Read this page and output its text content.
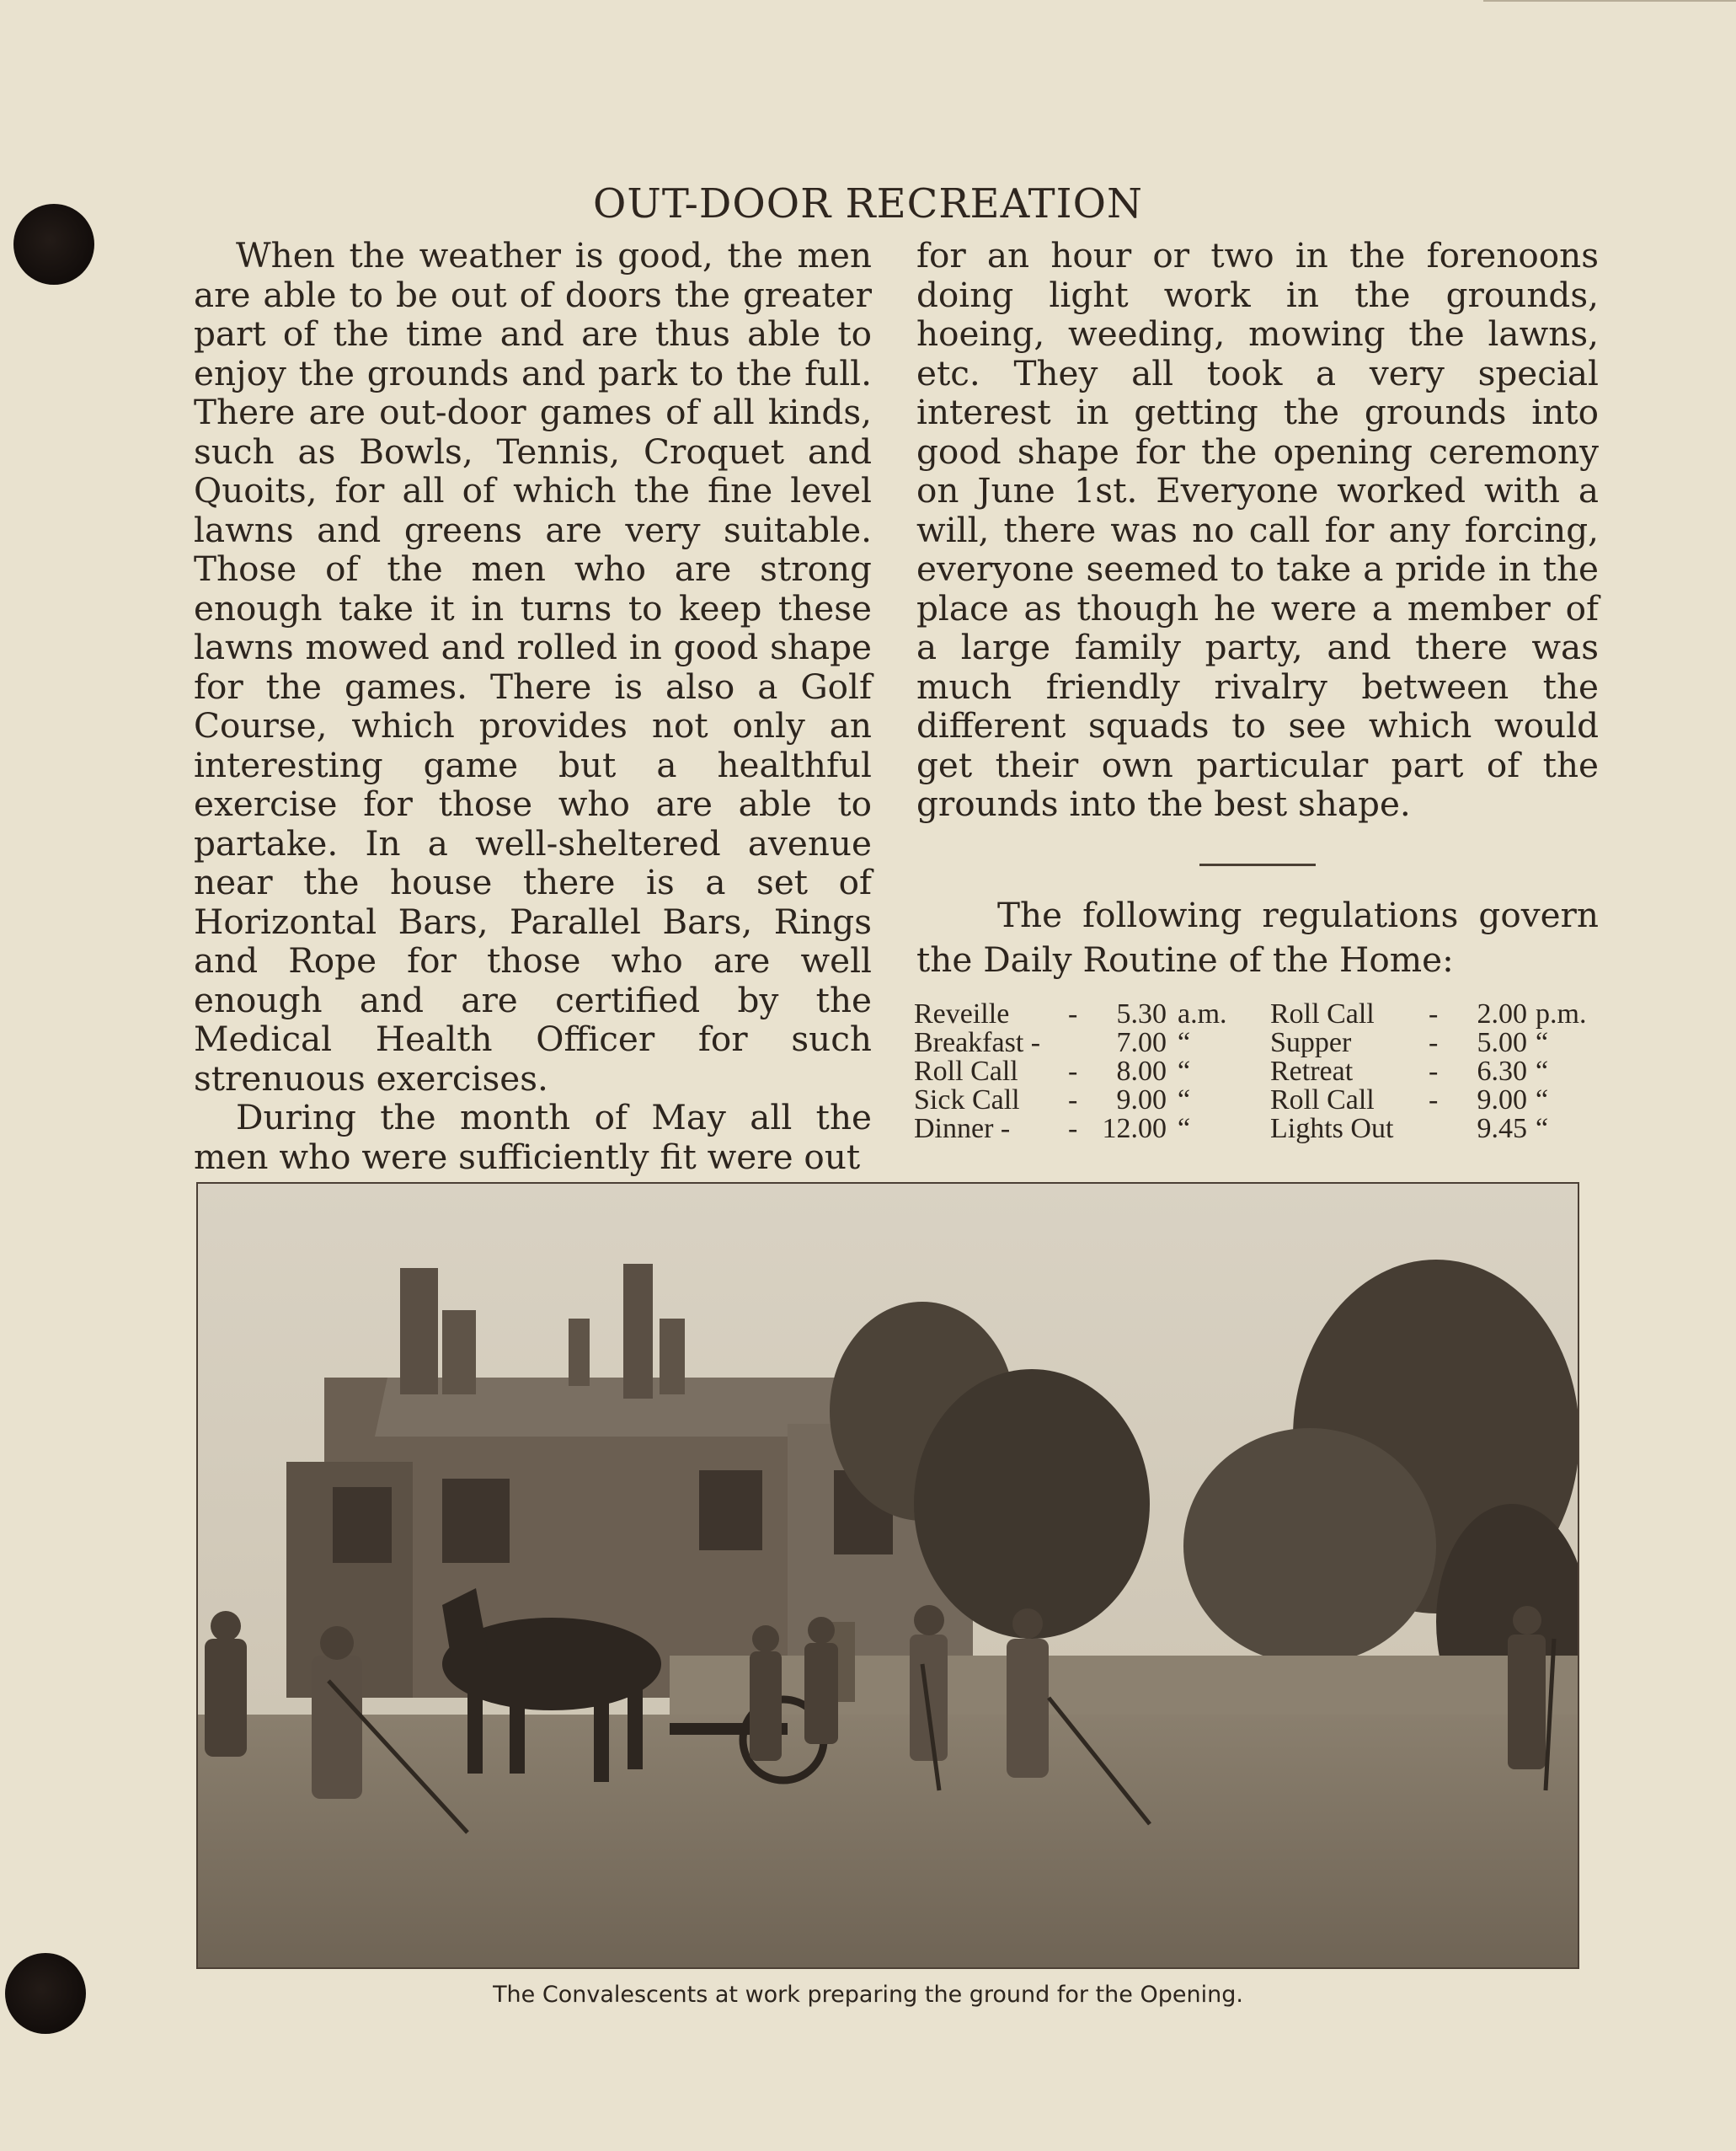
OUT-DOOR RECREATION

When the weather is good, the men are able to be out of doors the greater part of the time and are thus able to enjoy the grounds and park to the full. There are out-door games of all kinds, such as Bowls, Tennis, Croquet and Quoits, for all of which the fine level lawns and greens are very suitable. Those of the men who are strong enough take it in turns to keep these lawns mowed and rolled in good shape for the games. There is also a Golf Course, which provides not only an interesting game but a healthful exercise for those who are able to partake. In a well-sheltered avenue near the house there is a set of Horizontal Bars, Parallel Bars, Rings and Rope for those who are well enough and are certified by the Medical Health Officer for such strenuous exercises.

During the month of May all the men who were sufficiently fit were out

for an hour or two in the forenoons doing light work in the grounds, hoeing, weeding, mowing the lawns, etc. They all took a very special interest in getting the grounds into good shape for the opening ceremony on June 1st. Everyone worked with a will, there was no call for any forcing, everyone seemed to take a pride in the place as though he were a member of a large family party, and there was much friendly rivalry between the different squads to see which would get their own particular part of the grounds into the best shape.

The following regulations govern the Daily Routine of the Home:

Reveille -	5.30 a.m.
Breakfast -	7.00 “
Roll Call -	8.00 “
Sick Call -	9.00 “
Dinner - - 12.00 “
Roll Call -	2.00 p.m.
Supper	-	5.00 “
Retreat	-	6.30 “
Roll Call -	9.00 “
Lights Out	9.45 “
The Convalescents at work preparing the ground for the Opening.
